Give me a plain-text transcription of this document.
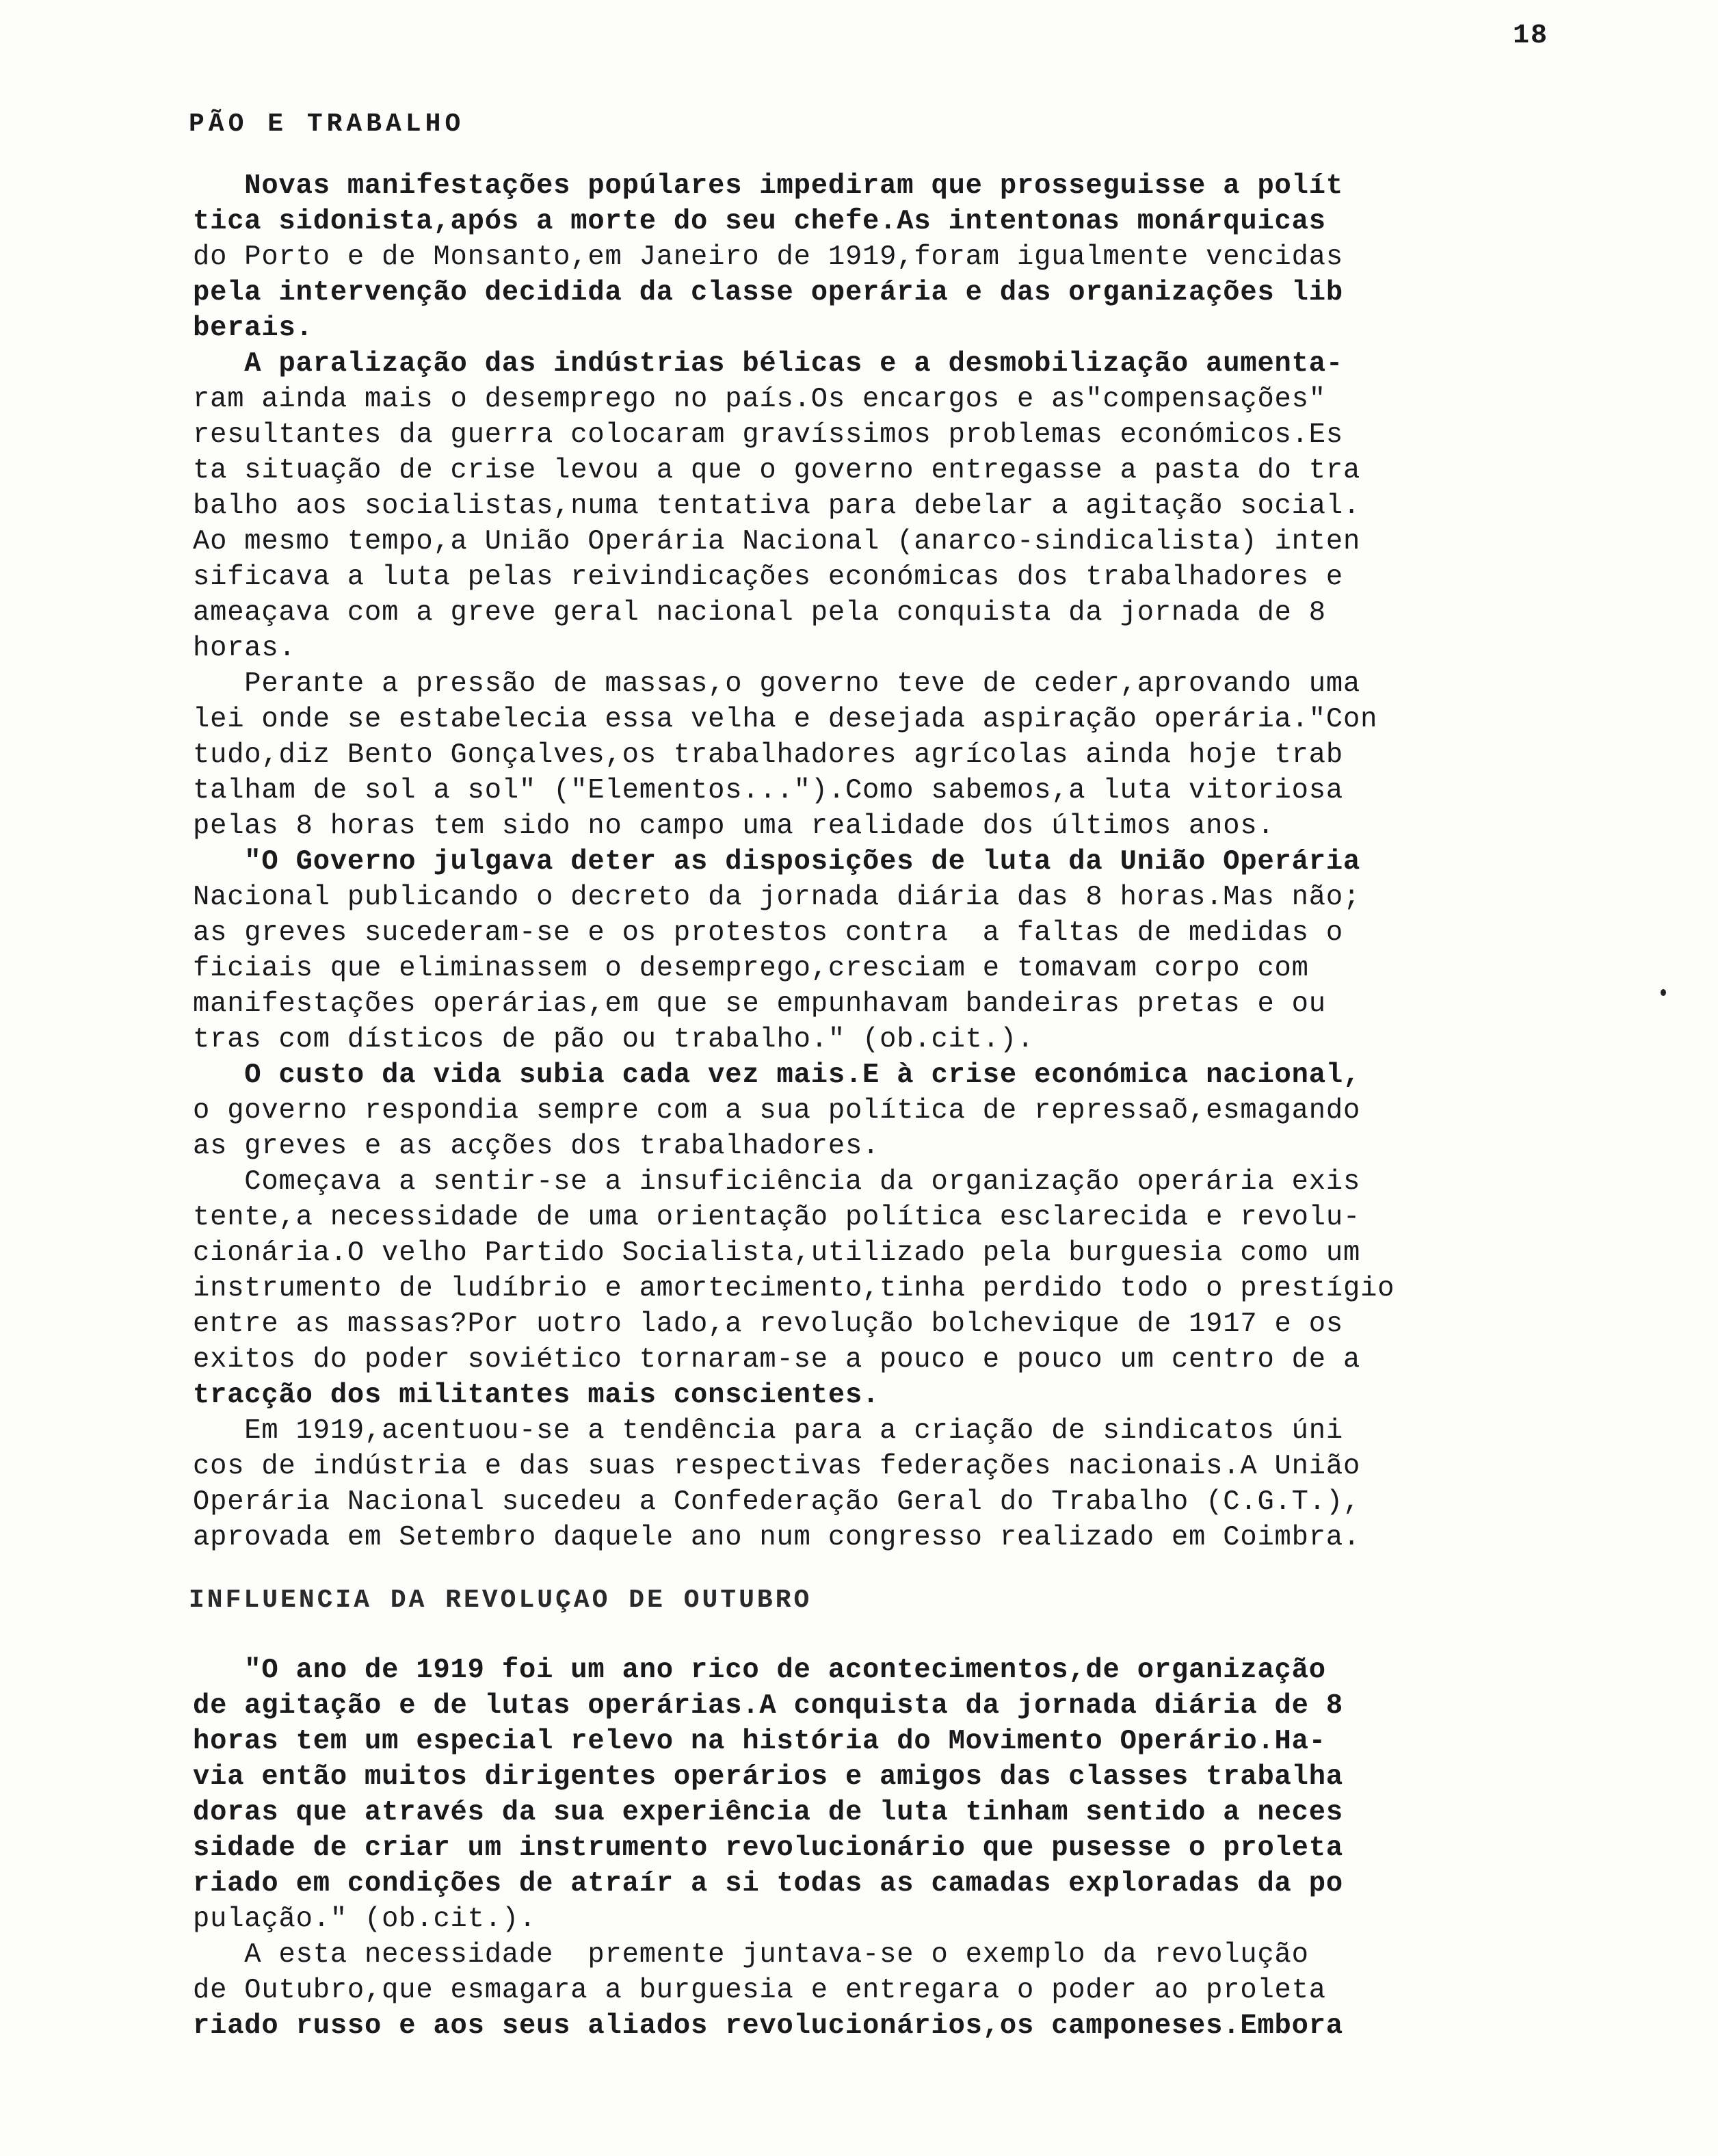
18
PÃO E TRABALHO
Novas manifestações popúlares impediram que prosseguisse a polít
tica sidonista,após a morte do seu chefe.As intentonas monárquicas
do Porto e de Monsanto,em Janeiro de 1919,foram igualmente vencidas
pela intervenção decidida da classe operária e das organizações lib
berais.
A paralização das indústrias bélicas e a desmobilização aumenta-
ram ainda mais o desemprego no país.Os encargos e as"compensações"
resultantes da guerra colocaram gravíssimos problemas económicos.Es
ta situação de crise levou a que o governo entregasse a pasta do tra
balho aos socialistas,numa tentativa para debelar a agitação social.
Ao mesmo tempo,a União Operária Nacional (anarco-sindicalista) inten
sificava a luta pelas reivindicações económicas dos trabalhadores e
ameaçava com a greve geral nacional pela conquista da jornada de 8
horas.
Perante a pressão de massas,o governo teve de ceder,aprovando uma
lei onde se estabelecia essa velha e desejada aspiração operária."Con
tudo,diz Bento Gonçalves,os trabalhadores agrícolas ainda hoje trab
talham de sol a sol" ("Elementos...").Como sabemos,a luta vitoriosa
pelas 8 horas tem sido no campo uma realidade dos últimos anos.
"O Governo julgava deter as disposições de luta da União Operária
Nacional publicando o decreto da jornada diária das 8 horas.Mas não;
as greves sucederam-se e os protestos contra  a faltas de medidas o
ficiais que eliminassem o desemprego,cresciam e tomavam corpo com
manifestações operárias,em que se empunhavam bandeiras pretas e ou
tras com dísticos de pão ou trabalho." (ob.cit.).
O custo da vida subia cada vez mais.E à crise económica nacional,
o governo respondia sempre com a sua política de repressaõ,esmagando
as greves e as acções dos trabalhadores.
Começava a sentir-se a insuficiência da organização operária exis
tente,a necessidade de uma orientação política esclarecida e revolu-
cionária.O velho Partido Socialista,utilizado pela burguesia como um
instrumento de ludíbrio e amortecimento,tinha perdido todo o prestígio
entre as massas?Por uotro lado,a revolução bolchevique de 1917 e os
exitos do poder soviético tornaram-se a pouco e pouco um centro de a
tracção dos militantes mais conscientes.
Em 1919,acentuou-se a tendência para a criação de sindicatos úni
cos de indústria e das suas respectivas federações nacionais.A União
Operária Nacional sucedeu a Confederação Geral do Trabalho (C.G.T.),
aprovada em Setembro daquele ano num congresso realizado em Coimbra.
INFLUENCIA DA REVOLUÇAO DE OUTUBRO
"O ano de 1919 foi um ano rico de acontecimentos,de organização
de agitação e de lutas operárias.A conquista da jornada diária de 8
horas tem um especial relevo na história do Movimento Operário.Ha-
via então muitos dirigentes operários e amigos das classes trabalha
doras que através da sua experiência de luta tinham sentido a neces
sidade de criar um instrumento revolucionário que pusesse o proleta
riado em condições de atraír a si todas as camadas exploradas da po
pulação." (ob.cit.).
A esta necessidade  premente juntava-se o exemplo da revolução
de Outubro,que esmagara a burguesia e entregara o poder ao proleta
riado russo e aos seus aliados revolucionários,os camponeses.Embora
